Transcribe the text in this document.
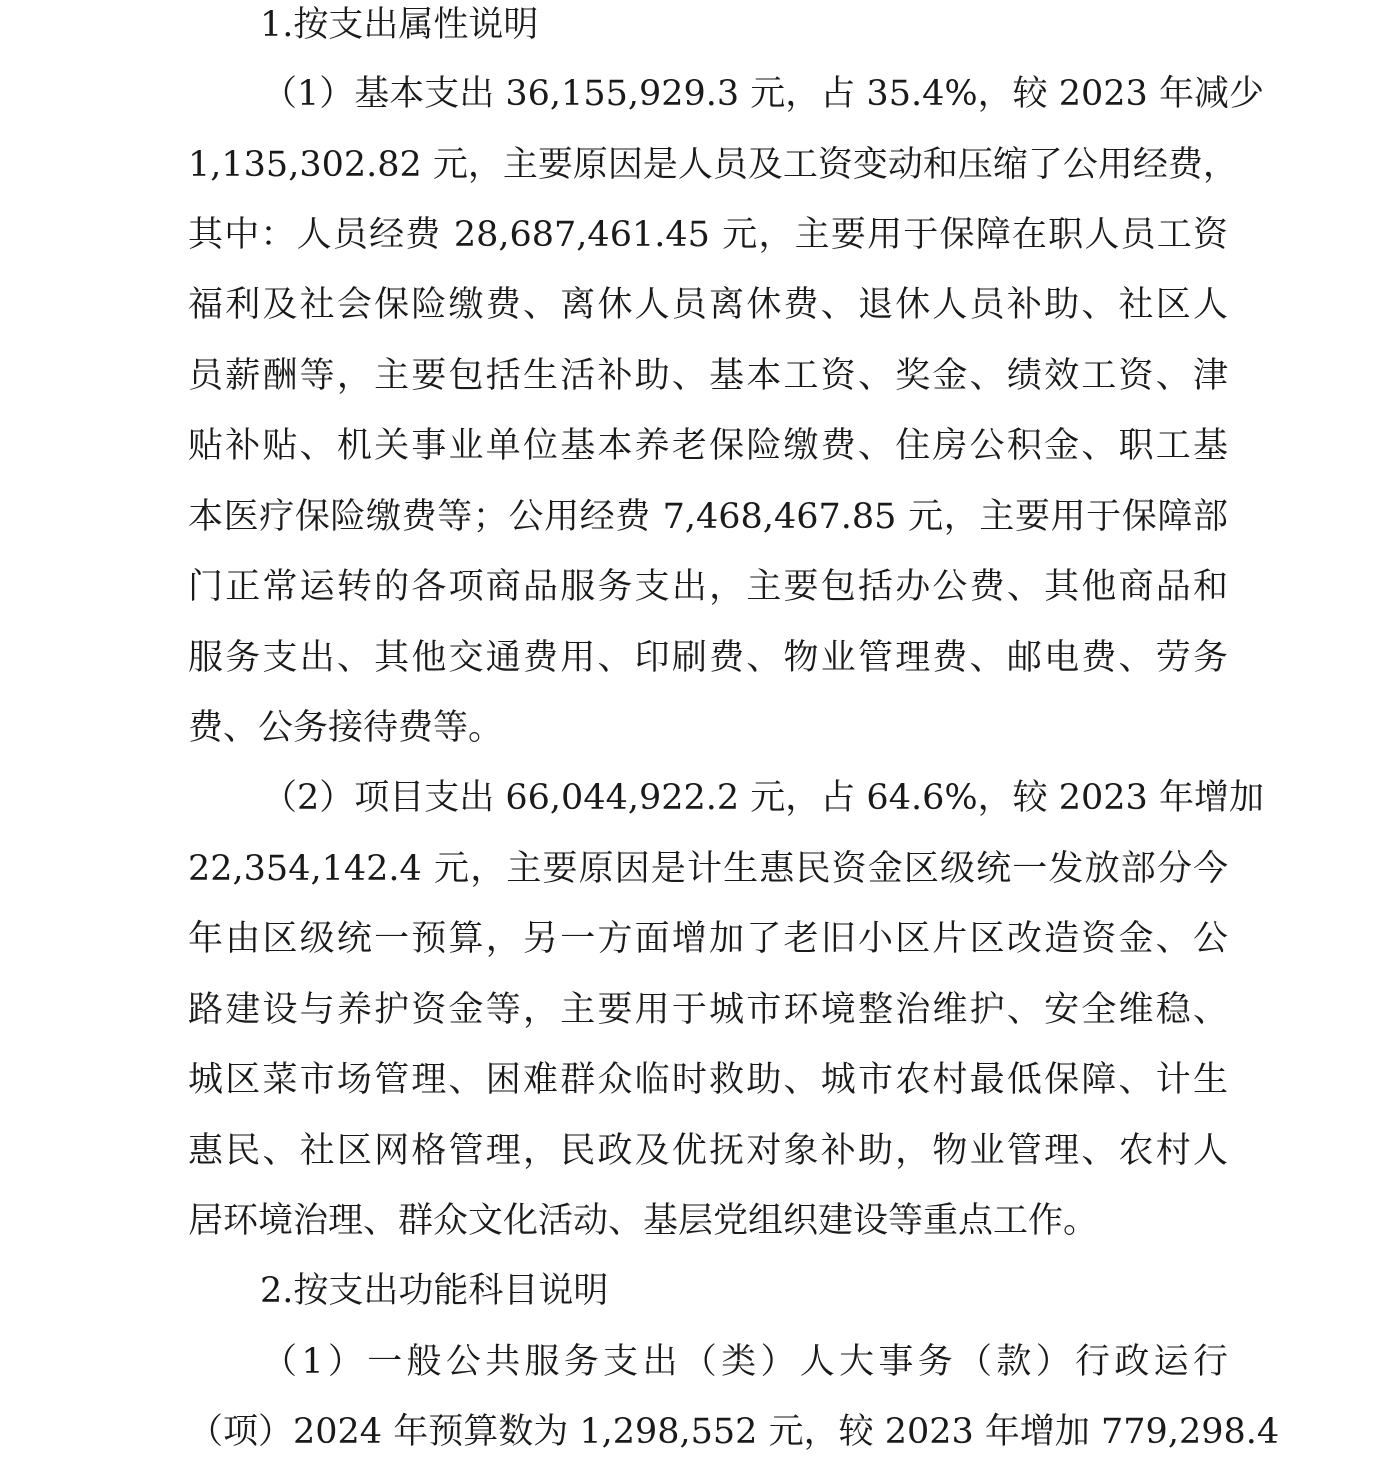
1.按支出属性说明
（1）基本支出 36,155,929.3 元，占 35.4%，较 2023 年减少
1,135,302.82 元，主要原因是人员及工资变动和压缩了公用经费，
其中：人员经费 28,687,461.45 元，主要用于保障在职人员工资
福利及社会保险缴费、离休人员离休费、退休人员补助、社区人
员薪酬等，主要包括生活补助、基本工资、奖金、绩效工资、津
贴补贴、机关事业单位基本养老保险缴费、住房公积金、职工基
本医疗保险缴费等；公用经费 7,468,467.85 元，主要用于保障部
门正常运转的各项商品服务支出，主要包括办公费、其他商品和
服务支出、其他交通费用、印刷费、物业管理费、邮电费、劳务
费、公务接待费等。
（2）项目支出 66,044,922.2 元，占 64.6%，较 2023 年增加
22,354,142.4 元，主要原因是计生惠民资金区级统一发放部分今
年由区级统一预算，另一方面增加了老旧小区片区改造资金、公
路建设与养护资金等，主要用于城市环境整治维护、安全维稳、
城区菜市场管理、困难群众临时救助、城市农村最低保障、计生
惠民、社区网格管理，民政及优抚对象补助，物业管理、农村人
居环境治理、群众文化活动、基层党组织建设等重点工作。
2.按支出功能科目说明
（1）一般公共服务支出（类）人大事务（款）行政运行
（项）2024 年预算数为 1,298,552 元，较 2023 年增加 779,298.4
